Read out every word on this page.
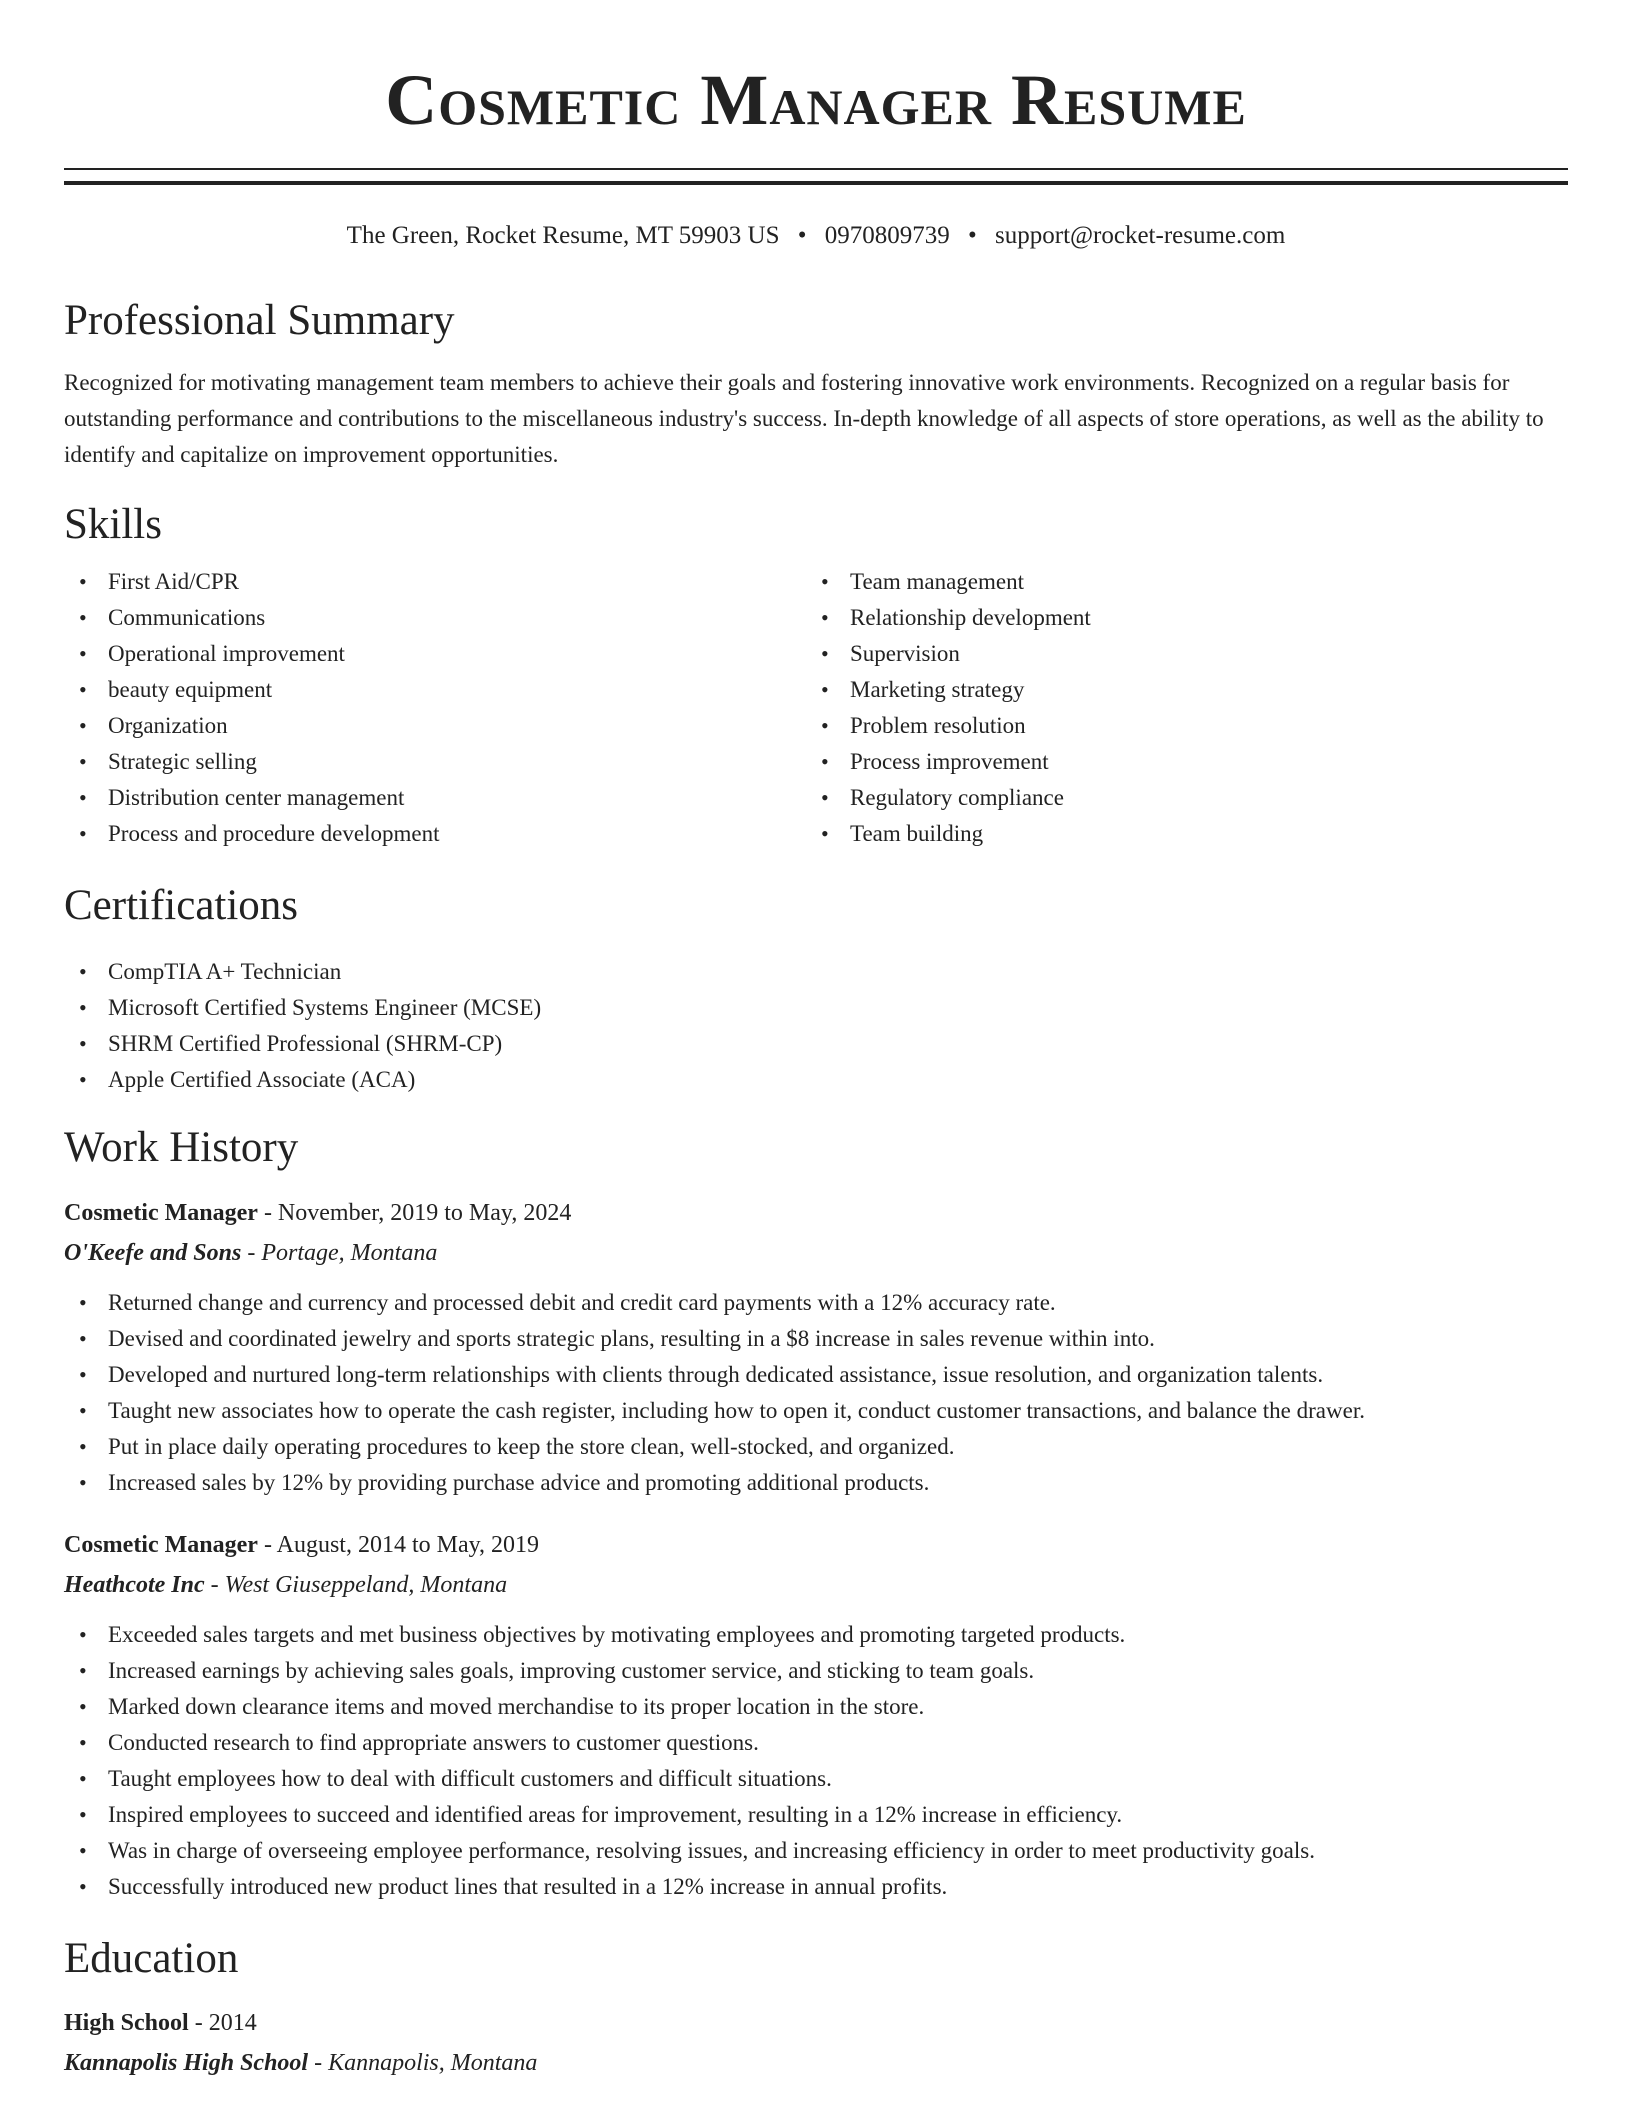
Cosmetic Manager Resume
The Green, Rocket Resume, MT 59903 US • 0970809739 • support@rocket-resume.com
Professional Summary
Recognized for motivating management team members to achieve their goals and fostering innovative work environments. Recognized on a regular basis for outstanding performance and contributions to the miscellaneous industry's success. In-depth knowledge of all aspects of store operations, as well as the ability to identify and capitalize on improvement opportunities.
Skills
• First Aid/CPR
• Communications
• Operational improvement
• beauty equipment
• Organization
• Strategic selling
• Distribution center management
• Process and procedure development
• Team management
• Relationship development
• Supervision
• Marketing strategy
• Problem resolution
• Process improvement
• Regulatory compliance
• Team building
Certifications
• CompTIA A+ Technician
• Microsoft Certified Systems Engineer (MCSE)
• SHRM Certified Professional (SHRM-CP)
• Apple Certified Associate (ACA)
Work History
Cosmetic Manager - November, 2019 to May, 2024
O'Keefe and Sons - Portage, Montana
• Returned change and currency and processed debit and credit card payments with a 12% accuracy rate.
• Devised and coordinated jewelry and sports strategic plans, resulting in a $8 increase in sales revenue within into.
• Developed and nurtured long-term relationships with clients through dedicated assistance, issue resolution, and organization talents.
• Taught new associates how to operate the cash register, including how to open it, conduct customer transactions, and balance the drawer.
• Put in place daily operating procedures to keep the store clean, well-stocked, and organized.
• Increased sales by 12% by providing purchase advice and promoting additional products.
Cosmetic Manager - August, 2014 to May, 2019
Heathcote Inc - West Giuseppeland, Montana
• Exceeded sales targets and met business objectives by motivating employees and promoting targeted products.
• Increased earnings by achieving sales goals, improving customer service, and sticking to team goals.
• Marked down clearance items and moved merchandise to its proper location in the store.
• Conducted research to find appropriate answers to customer questions.
• Taught employees how to deal with difficult customers and difficult situations.
• Inspired employees to succeed and identified areas for improvement, resulting in a 12% increase in efficiency.
• Was in charge of overseeing employee performance, resolving issues, and increasing efficiency in order to meet productivity goals.
• Successfully introduced new product lines that resulted in a 12% increase in annual profits.
Education
High School - 2014
Kannapolis High School - Kannapolis, Montana
